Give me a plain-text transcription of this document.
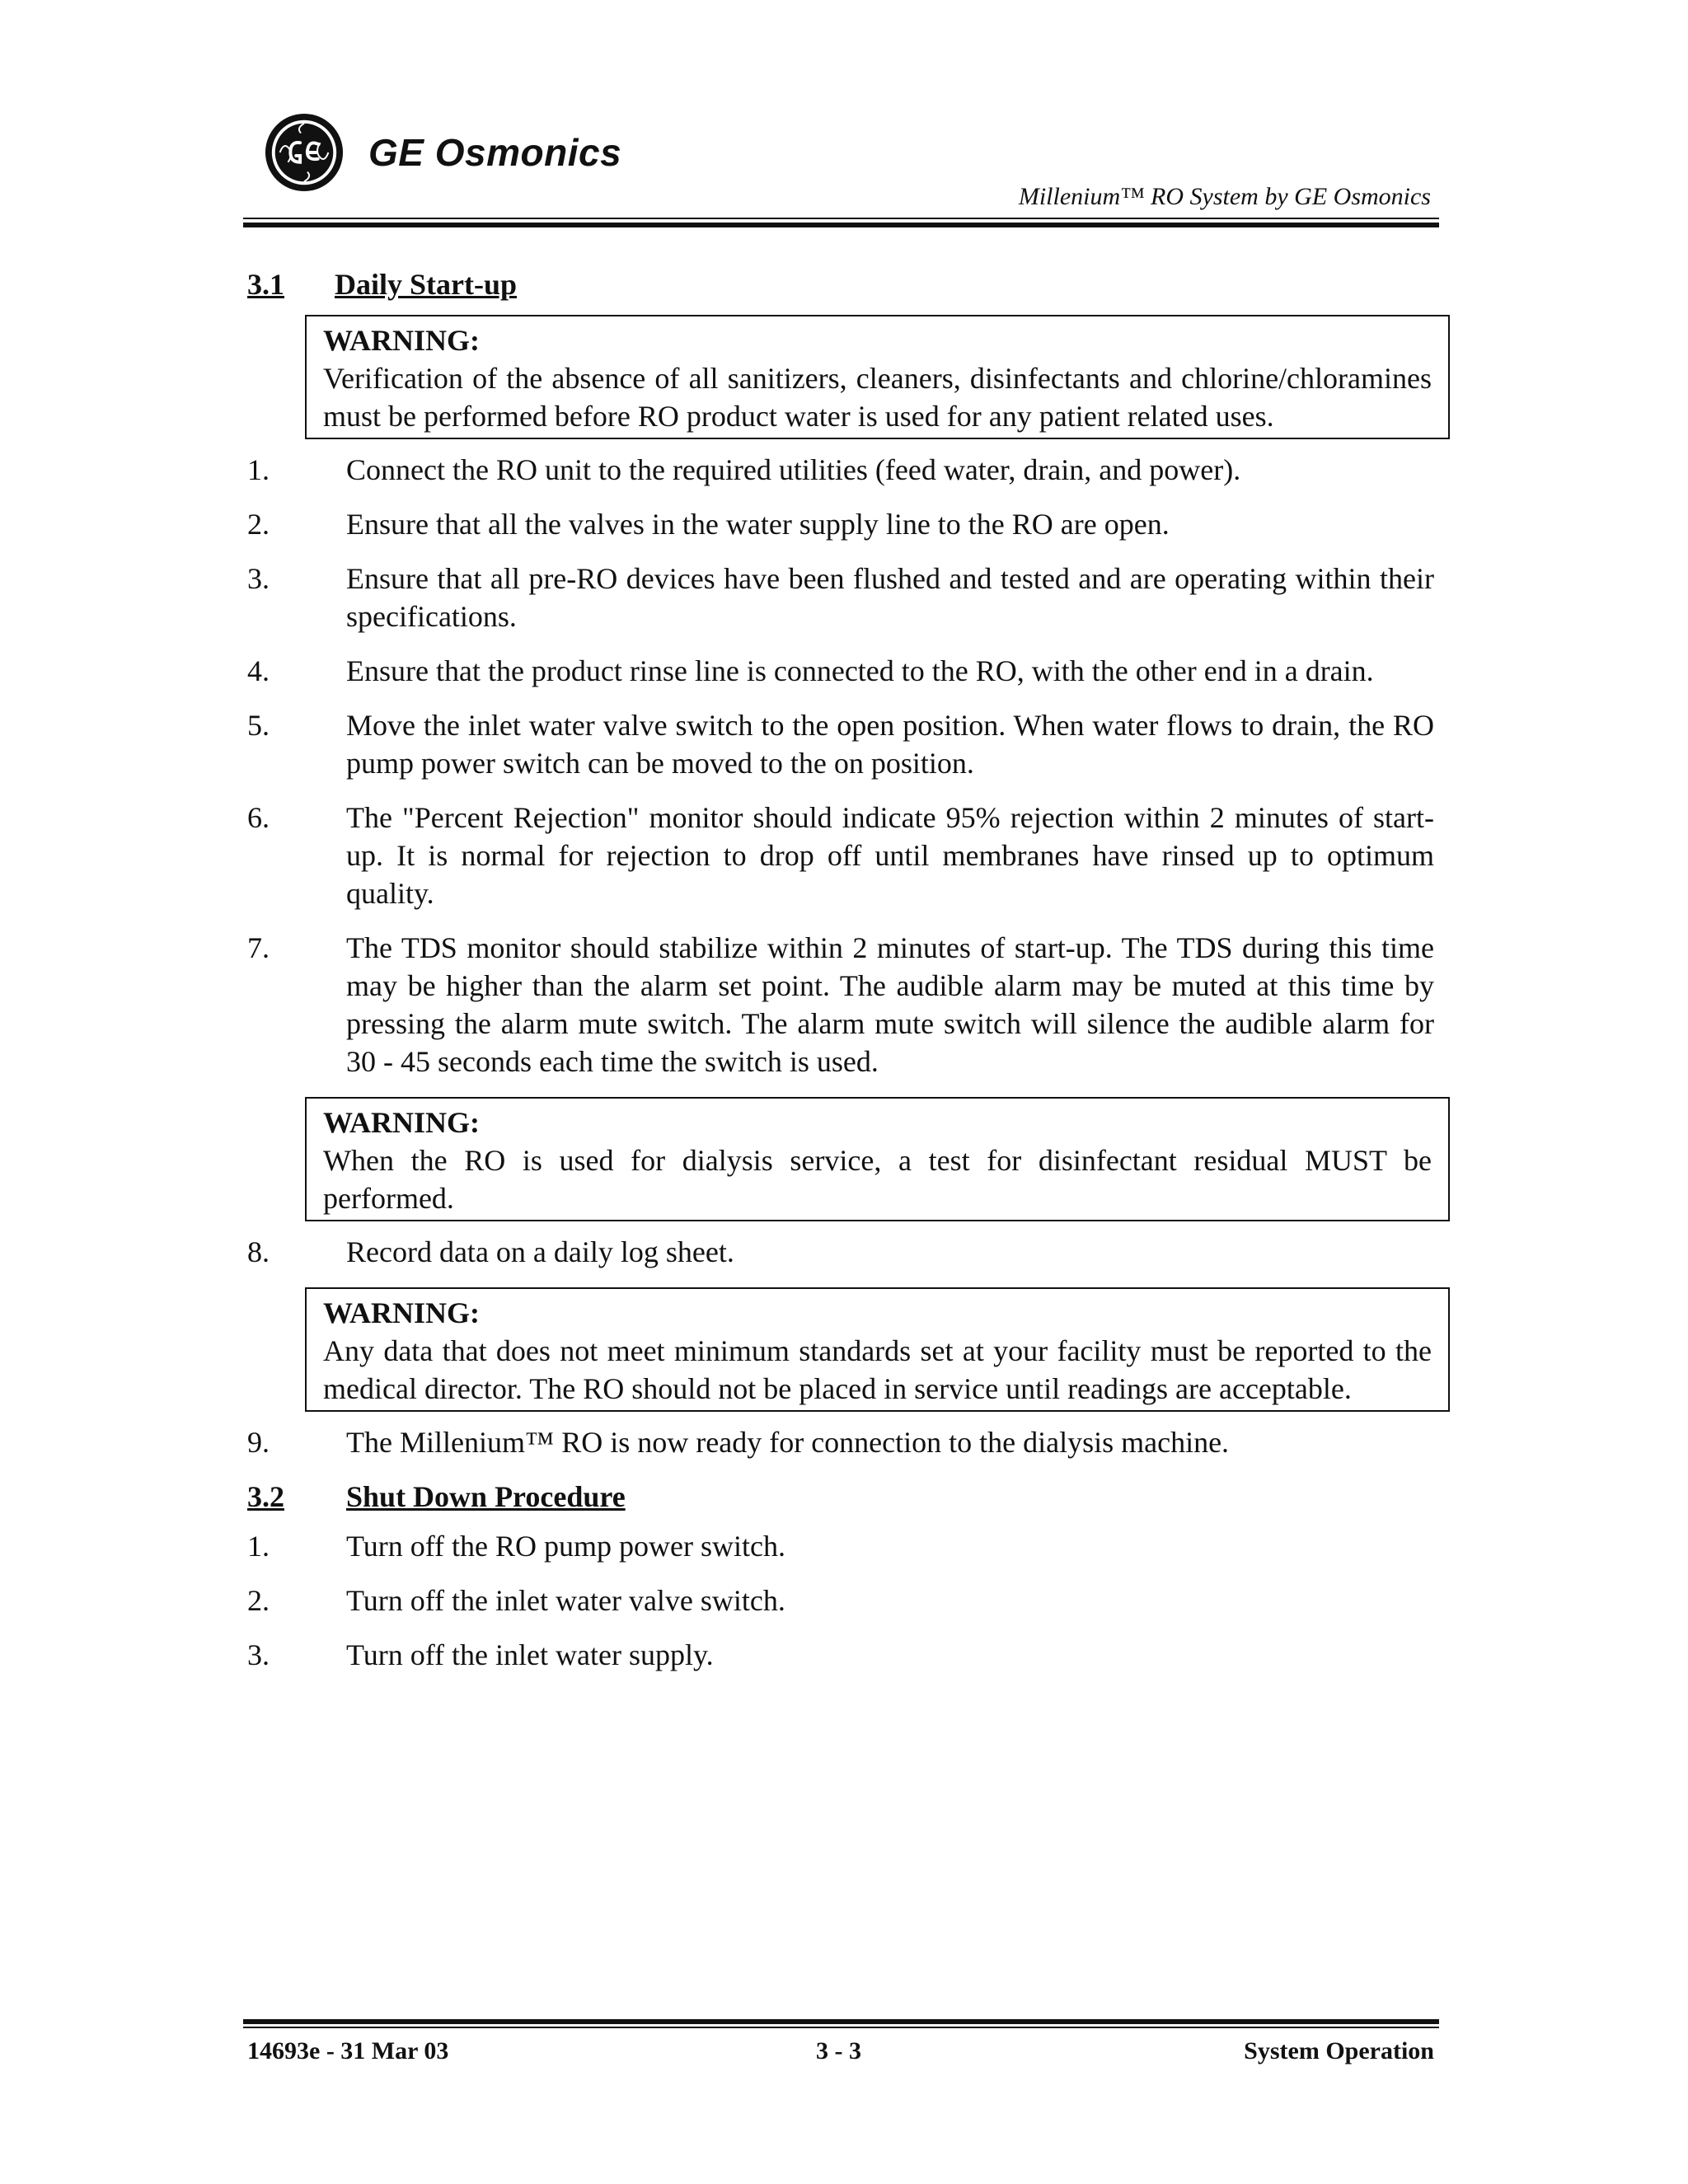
GE Osmonics
Millenium™ RO System by GE Osmonics
3.1	Daily Start-up
WARNING:
Verification of the absence of all sanitizers, cleaners, disinfectants and chlorine/chloramines must be performed before RO product water is used for any patient related uses.
1.	Connect the RO unit to the required utilities (feed water, drain, and power).
2.	Ensure that all the valves in the water supply line to the RO are open.
3.	Ensure that all pre-RO devices have been flushed and tested and are operating within their specifications.
4.	Ensure that the product rinse line is connected to the RO, with the other end in a drain.
5.	Move the inlet water valve switch to the open position. When water flows to drain, the RO pump power switch can be moved to the on position.
6.	The "Percent Rejection" monitor should indicate 95% rejection within 2 minutes of start-up. It is normal for rejection to drop off until membranes have rinsed up to optimum quality.
7.	The TDS monitor should stabilize within 2 minutes of start-up. The TDS during this time may be higher than the alarm set point. The audible alarm may be muted at this time by pressing the alarm mute switch. The alarm mute switch will silence the audible alarm for 30 - 45 seconds each time the switch is used.
WARNING:
When the RO is used for dialysis service, a test for disinfectant residual MUST be performed.
8.	Record data on a daily log sheet.
WARNING:
Any data that does not meet minimum standards set at your facility must be reported to the medical director. The RO should not be placed in service until readings are acceptable.
9.	The Millenium™ RO is now ready for connection to the dialysis machine.
3.2	Shut Down Procedure
1.	Turn off the RO pump power switch.
2.	Turn off the inlet water valve switch.
3.	Turn off the inlet water supply.
14693e - 31 Mar 03	3 - 3	System Operation
